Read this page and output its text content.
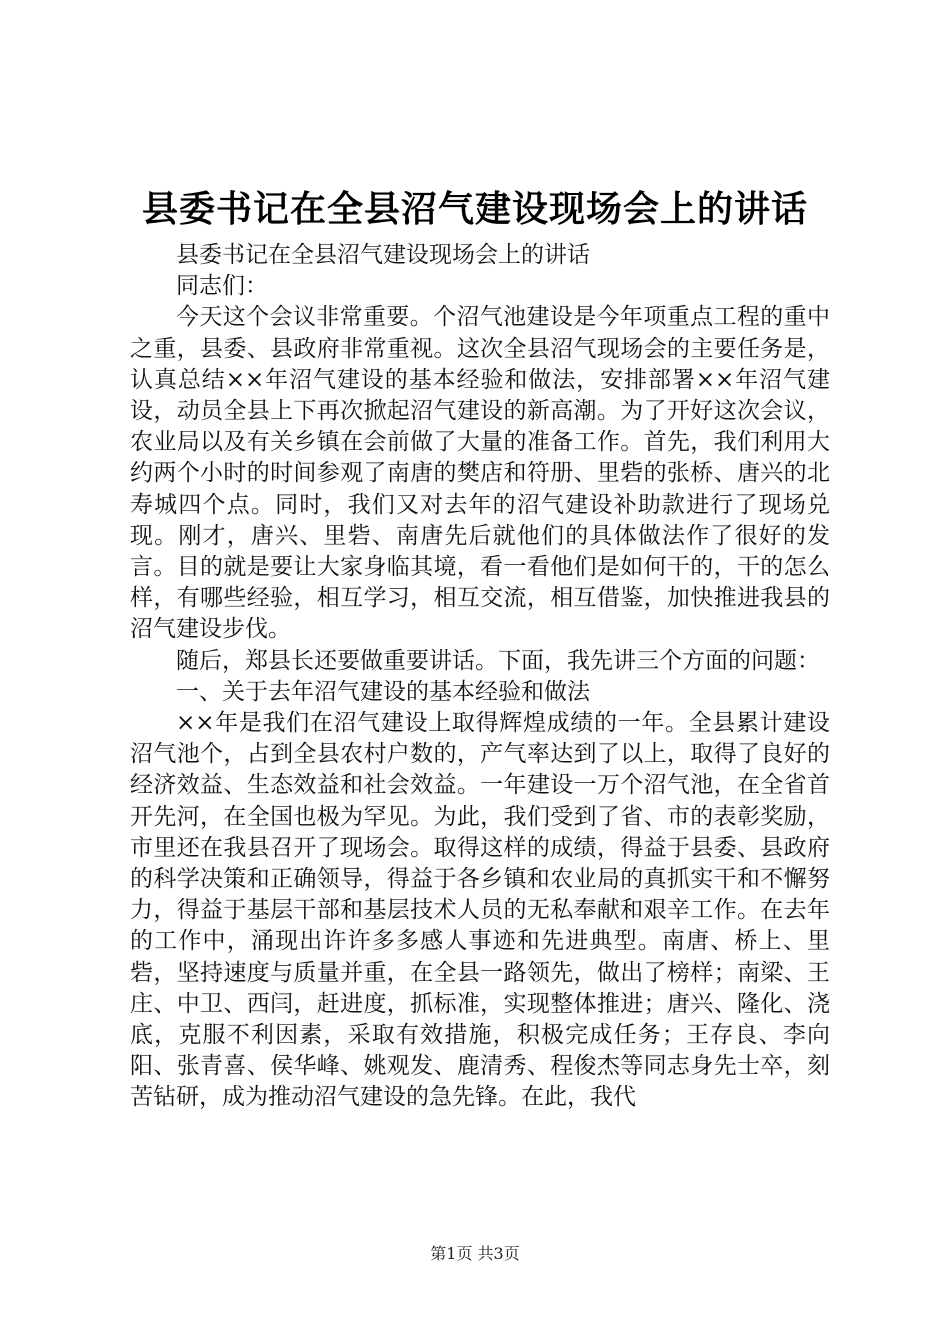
县委书记在全县沼气建设现场会上的讲话

县委书记在全县沼气建设现场会上的讲话

同志们：

今天这个会议非常重要。个沼气池建设是今年项重点工程的重中之重，县委、县政府非常重视。这次全县沼气现场会的主要任务是，认真总结××年沼气建设的基本经验和做法，安排部署××年沼气建设，动员全县上下再次掀起沼气建设的新高潮。为了开好这次会议，农业局以及有关乡镇在会前做了大量的准备工作。首先，我们利用大约两个小时的时间参观了南唐的樊店和符册、里砦的张桥、唐兴的北寿城四个点。同时，我们又对去年的沼气建设补助款进行了现场兑现。刚才，唐兴、里砦、南唐先后就他们的具体做法作了很好的发言。目的就是要让大家身临其境，看一看他们是如何干的，干的怎么样，有哪些经验，相互学习，相互交流，相互借鉴，加快推进我县的沼气建设步伐。

随后，郑县长还要做重要讲话。下面，我先讲三个方面的问题：

一、关于去年沼气建设的基本经验和做法

××年是我们在沼气建设上取得辉煌成绩的一年。全县累计建设沼气池个，占到全县农村户数的，产气率达到了以上，取得了良好的经济效益、生态效益和社会效益。一年建设一万个沼气池，在全省首开先河，在全国也极为罕见。为此，我们受到了省、市的表彰奖励，市里还在我县召开了现场会。取得这样的成绩，得益于县委、县政府的科学决策和正确领导，得益于各乡镇和农业局的真抓实干和不懈努力，得益于基层干部和基层技术人员的无私奉献和艰辛工作。在去年的工作中，涌现出许许多多感人事迹和先进典型。南唐、桥上、里砦，坚持速度与质量并重，在全县一路领先，做出了榜样；南梁、王庄、中卫、西闫，赶进度，抓标准，实现整体推进；唐兴、隆化、浇底，克服不利因素，采取有效措施，积极完成任务；王存良、李向阳、张青喜、侯华峰、姚观发、鹿清秀、程俊杰等同志身先士卒，刻苦钻研，成为推动沼气建设的急先锋。在此，我代

第1页 共3页
